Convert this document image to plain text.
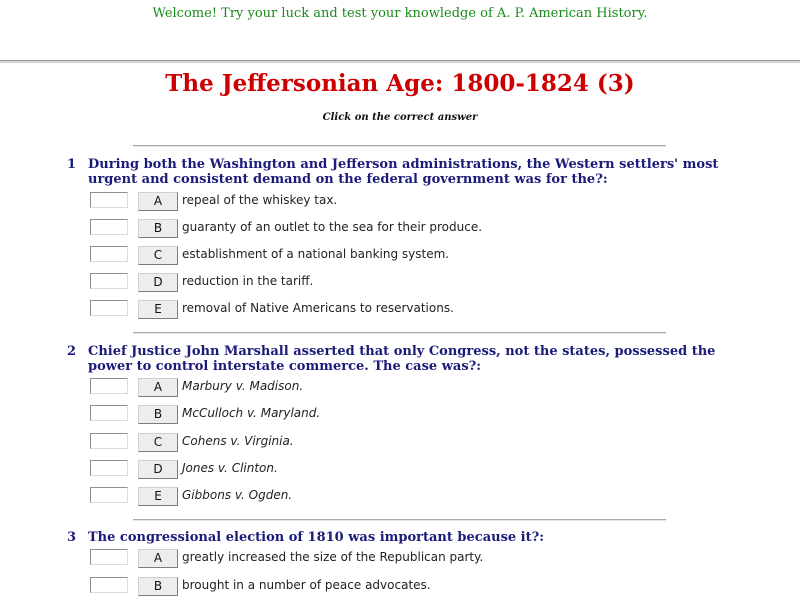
Welcome! Try your luck and test your knowledge of A. P. American History.
The Jeffersonian Age: 1800-1824 (3)
Click on the correct answer
1 During both the Washington and Jefferson administrations, the Western settlers' most urgent and consistent demand on the federal government was for the?:
A	repeal of the whiskey tax.
B	guaranty of an outlet to the sea for their produce.
C	establishment of a national banking system.
D	reduction in the tariff.
E	removal of Native Americans to reservations.
2 Chief Justice John Marshall asserted that only Congress, not the states, possessed the power to control interstate commerce. The case was?:
A	Marbury v. Madison.
B	McCulloch v. Maryland.
C	Cohens v. Virginia.
D	Jones v. Clinton.
E	Gibbons v. Ogden.
3 The congressional election of 1810 was important because it?:
A	greatly increased the size of the Republican party.
B	brought in a number of peace advocates.
